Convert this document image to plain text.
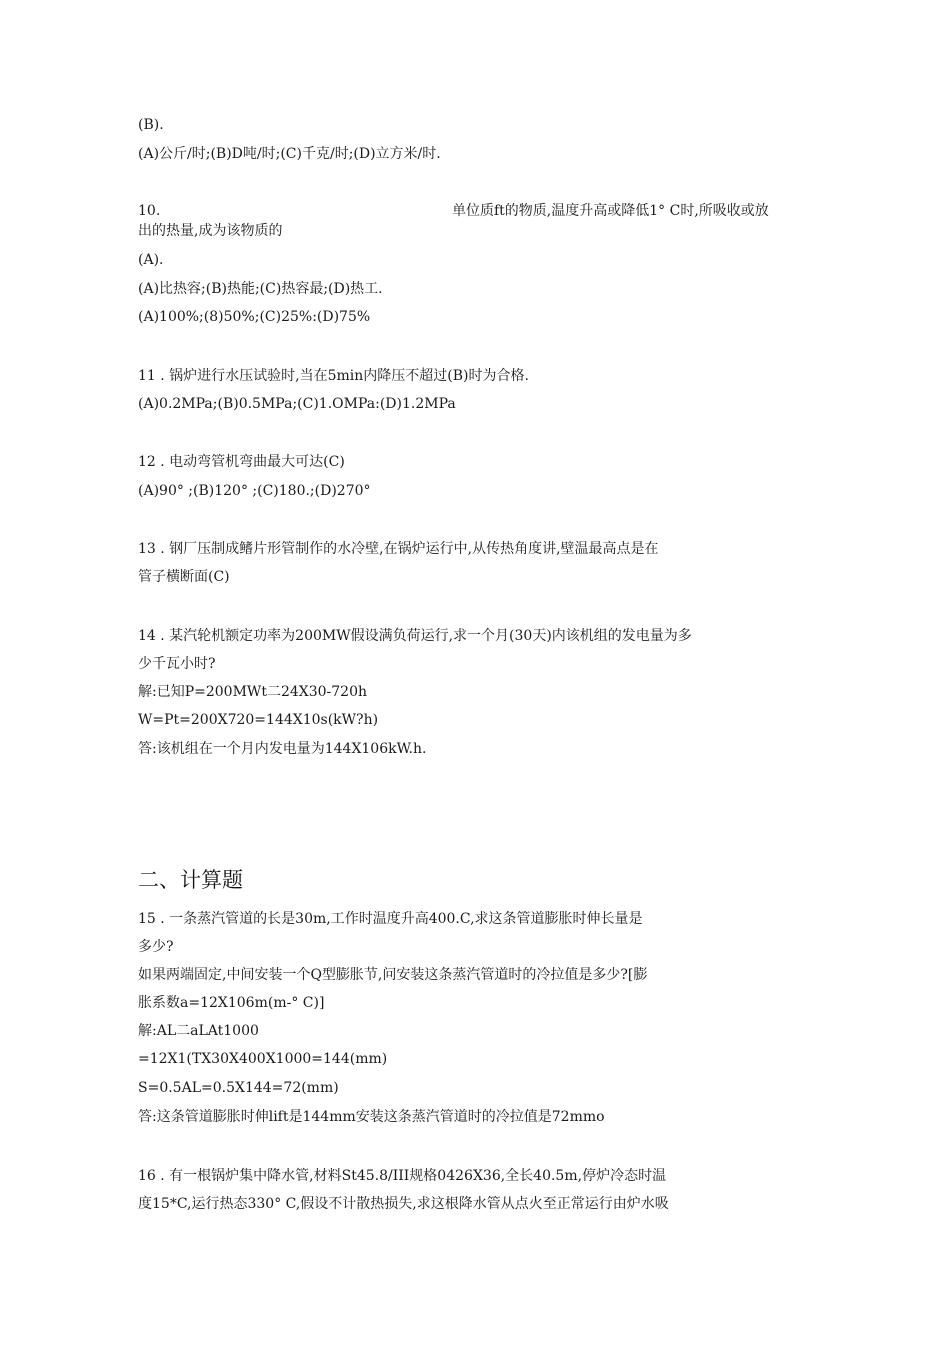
(B).
(A)公斤/时;(B)D吨/时;(C)千克/时;(D)立方米/时.
10.	单位质ft的物质,温度升高或降低1° C时,所吸收或放
出的热量,成为该物质的
(A).
(A)比热容;(B)热能;(C)热容最;(D)热工.
(A)100%;(8)50%;(C)25%:(D)75%
11 . 锅炉进行水压试验时,当在5min内降压不超过(B)时为合格.
(A)0.2MPa;(B)0.5MPa;(C)1.OMPa:(D)1.2MPa
12 . 电动弯管机弯曲最大可达(C)
(A)90° ;(B)120° ;(C)180.;(D)270°
13 . 钢厂压制成鳍片形管制作的水冷壁,在锅炉运行中,从传热角度讲,壁温最高点是在
管子横断面(C)
14 . 某汽轮机额定功率为200MW假设满负荷运行,求一个月(30天)内该机组的发电量为多
少千瓦小时?
解:已知P=200MWt二24X30-720h
W=Pt=200X720=144X10s(kW?h)
答:该机组在一个月内发电量为144X106kW.h.
二、计算题
15 . 一条蒸汽管道的长是30m,工作时温度升高400.C,求这条管道膨胀时伸长量是
多少?
如果两端固定,中间安装一个Q型膨胀节,问安装这条蒸汽管道时的冷拉值是多少?[膨
胀系数a=12X106m(m-° C)]
解:AL二aLAt1000
=12X1(TX30X400X1000=144(mm)
S=0.5AL=0.5X144=72(mm)
答:这条管道膨胀时伸lift是144mm安装这条蒸汽管道时的冷拉值是72mmo
16 . 有一根锅炉集中降水管,材料St45.8/III规格0426X36,全长40.5m,停炉冷态时温
度15*C,运行热态330° C,假设不计散热损失,求这根降水管从点火至正常运行由炉水吸
